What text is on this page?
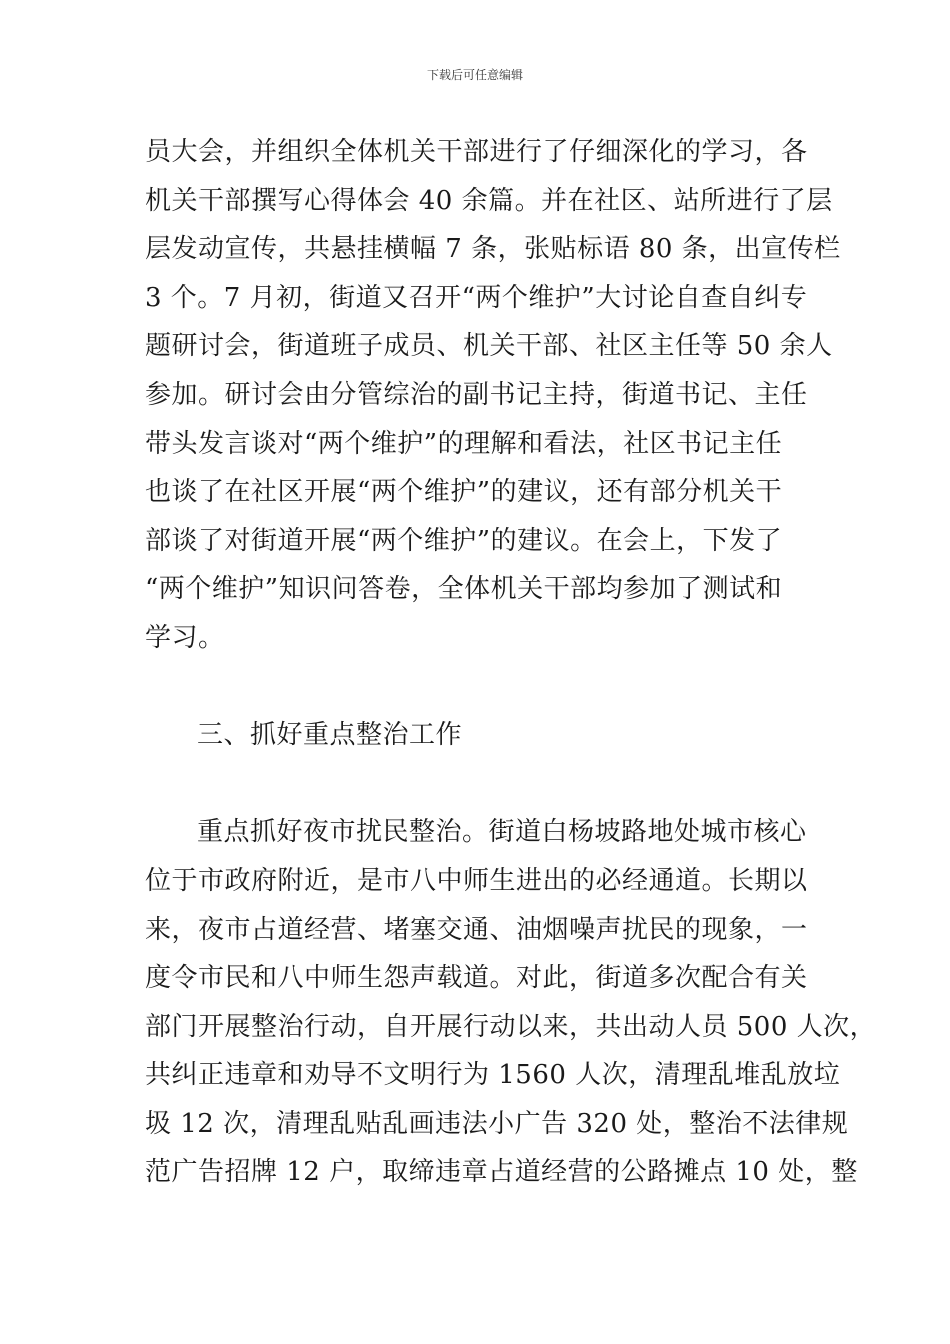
下载后可任意编辑
员大会，并组织全体机关干部进行了仔细深化的学习，各
机关干部撰写心得体会 40 余篇。并在社区、站所进行了层
层发动宣传，共悬挂横幅 7 条，张贴标语 80 条，出宣传栏
3 个。7 月初，街道又召开“两个维护”大讨论自查自纠专
题研讨会，街道班子成员、机关干部、社区主任等 50 余人
参加。研讨会由分管综治的副书记主持，街道书记、主任
带头发言谈对“两个维护”的理解和看法，社区书记主任
也谈了在社区开展“两个维护”的建议，还有部分机关干
部谈了对街道开展“两个维护”的建议。在会上，下发了
“两个维护”知识问答卷，全体机关干部均参加了测试和
学习。
三、抓好重点整治工作
重点抓好夜市扰民整治。街道白杨坡路地处城市核心
位于市政府附近，是市八中师生进出的必经通道。长期以
来，夜市占道经营、堵塞交通、油烟噪声扰民的现象，一
度令市民和八中师生怨声载道。对此，街道多次配合有关
部门开展整治行动，自开展行动以来，共出动人员 500 人次，
共纠正违章和劝导不文明行为 1560 人次，清理乱堆乱放垃
圾 12 次，清理乱贴乱画违法小广告 320 处，整治不法律规
范广告招牌 12 户，取缔违章占道经营的公路摊点 10 处，整
